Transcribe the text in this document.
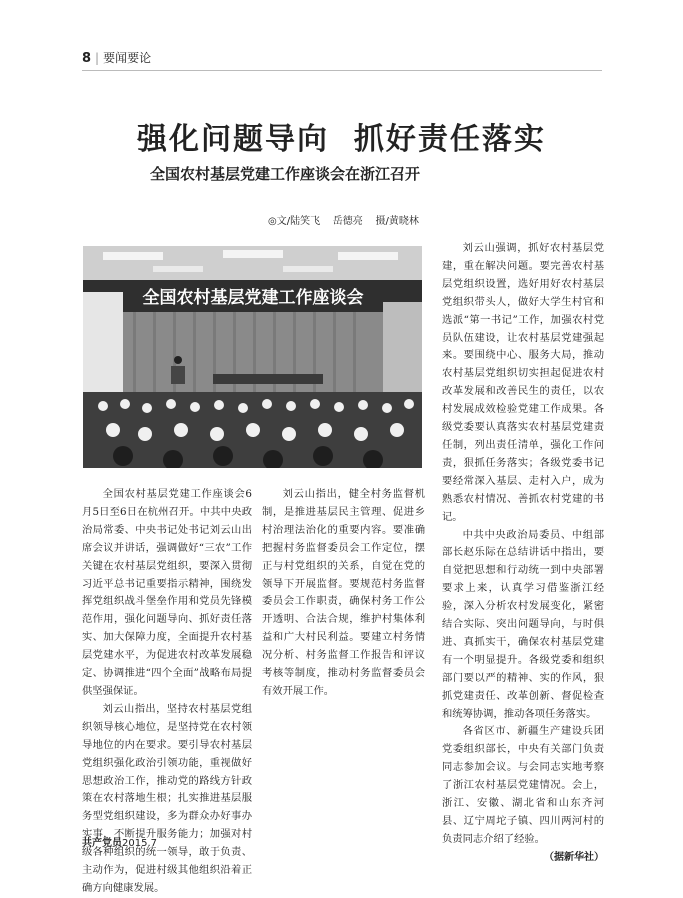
8 | 要闻要论
强化问题导向  抓好责任落实
全国农村基层党建工作座谈会在浙江召开
◎文/陆笑飞    岳德亮    摄/黄晓林
全国农村基层党建工作座谈会

全国农村基层党建工作座谈会6月5日至6日在杭州召开。中共中央政治局常委、中央书记处书记刘云山出席会议并讲话，强调做好“三农”工作关键在农村基层党组织，要深入贯彻习近平总书记重要指示精神，围绕发挥党组织战斗堡垒作用和党员先锋模范作用，强化问题导向、抓好责任落实、加大保障力度，全面提升农村基层党建水平，为促进农村改革发展稳定、协调推进“四个全面”战略布局提供坚强保证。

刘云山指出，坚持农村基层党组织领导核心地位，是坚持党在农村领导地位的内在要求。要引导农村基层党组织强化政治引领功能，重视做好思想政治工作，推动党的路线方针政策在农村落地生根；扎实推进基层服务型党组织建设，多为群众办好事办实事，不断提升服务能力；加强对村级各种组织的统一领导，敢于负责、主动作为，促进村级其他组织沿着正确方向健康发展。

刘云山指出，健全村务监督机制，是推进基层民主管理、促进乡村治理法治化的重要内容。要准确把握村务监督委员会工作定位，摆正与村党组织的关系，自觉在党的领导下开展监督。要规范村务监督委员会工作职责，确保村务工作公开透明、合法合规，维护村集体利益和广大村民利益。要建立村务情况分析、村务监督工作报告和评议考核等制度，推动村务监督委员会有效开展工作。

刘云山强调，抓好农村基层党建，重在解决问题。要完善农村基层党组织设置，选好用好农村基层党组织带头人，做好大学生村官和选派“第一书记”工作，加强农村党员队伍建设，让农村基层党建强起来。要围绕中心、服务大局，推动农村基层党组织切实担起促进农村改革发展和改善民生的责任，以农村发展成效检验党建工作成果。各级党委要认真落实农村基层党建责任制，列出责任清单，强化工作问责，狠抓任务落实；各级党委书记要经常深入基层、走村入户，成为熟悉农村情况、善抓农村党建的书记。

中共中央政治局委员、中组部部长赵乐际在总结讲话中指出，要自觉把思想和行动统一到中央部署要求上来，认真学习借鉴浙江经验，深入分析农村发展变化，紧密结合实际、突出问题导向，与时俱进、真抓实干，确保农村基层党建有一个明显提升。各级党委和组织部门要以严的精神、实的作风，狠抓党建责任、改革创新、督促检查和统筹协调，推动各项任务落实。

各省区市、新疆生产建设兵团党委组织部长，中央有关部门负责同志参加会议。与会同志实地考察了浙江农村基层党建情况。会上，浙江、安徽、湖北省和山东齐河县、辽宁周坨子镇、四川两河村的负责同志介绍了经验。
（据新华社）

共产党员2015.7
